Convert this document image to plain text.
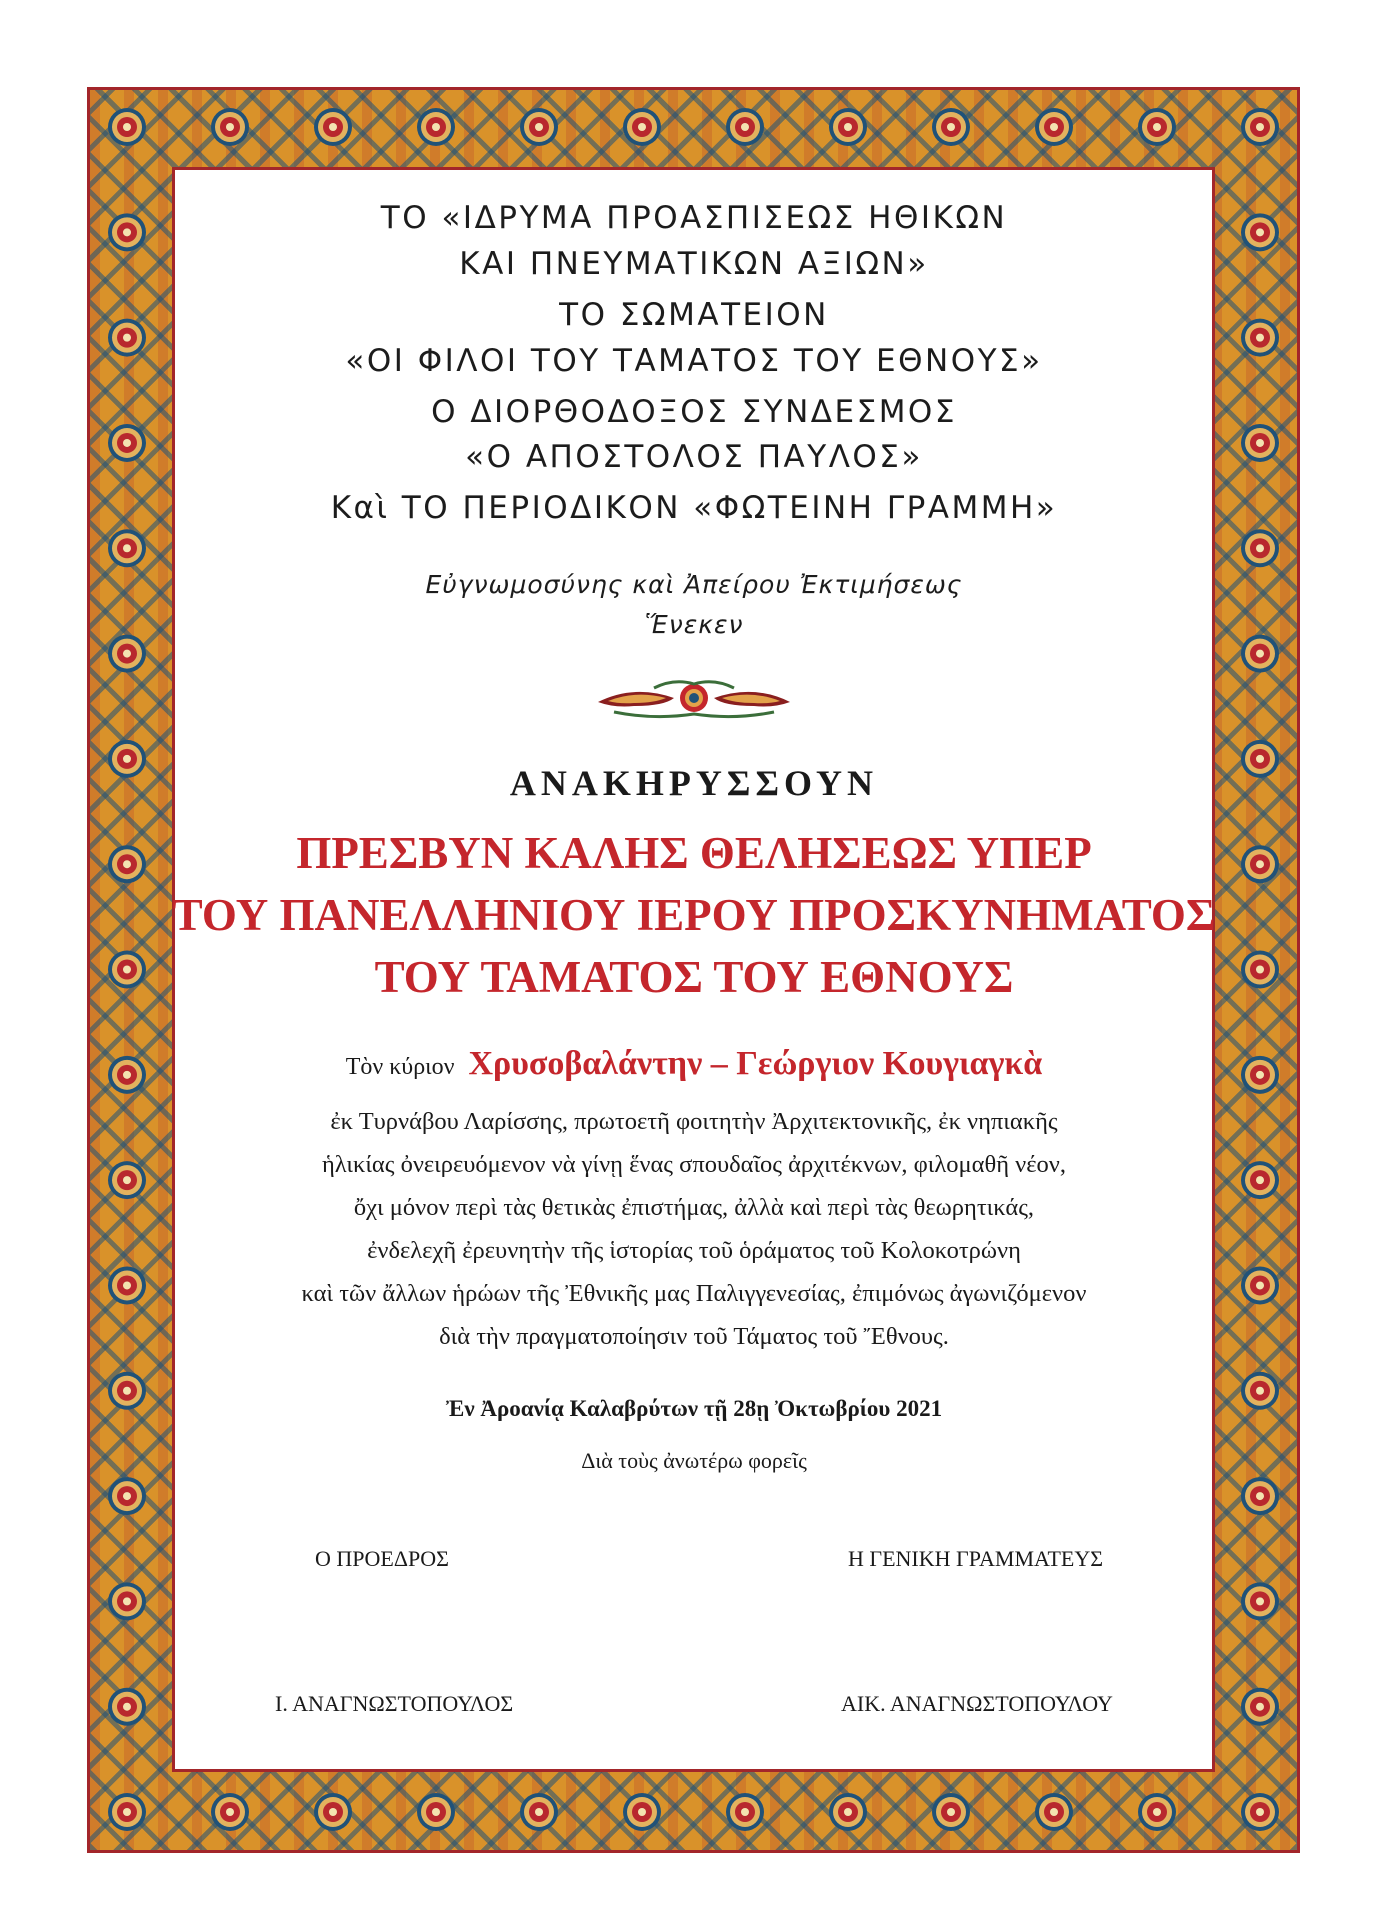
ΤΟ «ΙΔΡΥΜΑ ΠΡΟΑΣΠΙΣΕΩΣ ΗΘΙΚΩΝ

ΚΑΙ ΠΝΕΥΜΑΤΙΚΩΝ ΑΞΙΩΝ»

ΤΟ ΣΩΜΑΤΕΙΟΝ

«ΟΙ ΦΙΛΟΙ ΤΟΥ ΤΑΜΑΤΟΣ ΤΟΥ ΕΘΝΟΥΣ»

Ο ΔΙΟΡΘΟΔΟΞΟΣ ΣΥΝΔΕΣΜΟΣ

«Ο ΑΠΟΣΤΟΛΟΣ ΠΑΥΛΟΣ»

Καὶ ΤΟ ΠΕΡΙΟΔΙΚΟΝ «ΦΩΤΕΙΝΗ ΓΡΑΜΜΗ»

Εὐγνωμοσύνης καὶ Ἀπείρου Ἐκτιμήσεως

Ἕνεκεν

ΑΝΑΚΗΡΥΣΣΟΥΝ

ΠΡΕΣΒΥΝ ΚΑΛΗΣ ΘΕΛΗΣΕΩΣ ΥΠΕΡ

ΤΟΥ ΠΑΝΕΛΛΗΝΙΟΥ ΙΕΡΟΥ ΠΡΟΣΚΥΝΗΜΑΤΟΣ

ΤΟΥ ΤΑΜΑΤΟΣ ΤΟΥ ΕΘΝΟΥΣ

Τὸν κύριον Χρυσοβαλάντην – Γεώργιον Κουγιαγκὰ

ἐκ Τυρνάβου Λαρίσσης, πρωτοετῆ φοιτητὴν Ἀρχιτεκτονικῆς, ἐκ νηπιακῆς

ἡλικίας ὀνειρευόμενον νὰ γίνῃ ἕνας σπουδαῖος ἀρχιτέκνων, φιλομαθῆ νέον,

ὄχι μόνον περὶ τὰς θετικὰς ἐπιστήμας, ἀλλὰ καὶ περὶ τὰς θεωρητικάς,

ἐνδελεχῆ ἐρευνητὴν τῆς ἱστορίας τοῦ ὁράματος τοῦ Κολοκοτρώνη

καὶ τῶν ἄλλων ἡρώων τῆς Ἐθνικῆς μας Παλιγγενεσίας, ἐπιμόνως ἀγωνιζόμενον

διὰ τὴν πραγματοποίησιν τοῦ Τάματος τοῦ Ἔθνους.

Ἐν Ἀροανίᾳ Καλαβρύτων τῇ 28ῃ Ὀκτωβρίου 2021

Διὰ τοὺς ἀνωτέρω φορεῖς

Ο ΠΡΟΕΔΡΟΣ	Η ΓΕΝΙΚΗ ΓΡΑΜΜΑΤΕΥΣ

Ι. ΑΝΑΓΝΩΣΤΟΠΟΥΛΟΣ	ΑΙΚ. ΑΝΑΓΝΩΣΤΟΠΟΥΛΟΥ
